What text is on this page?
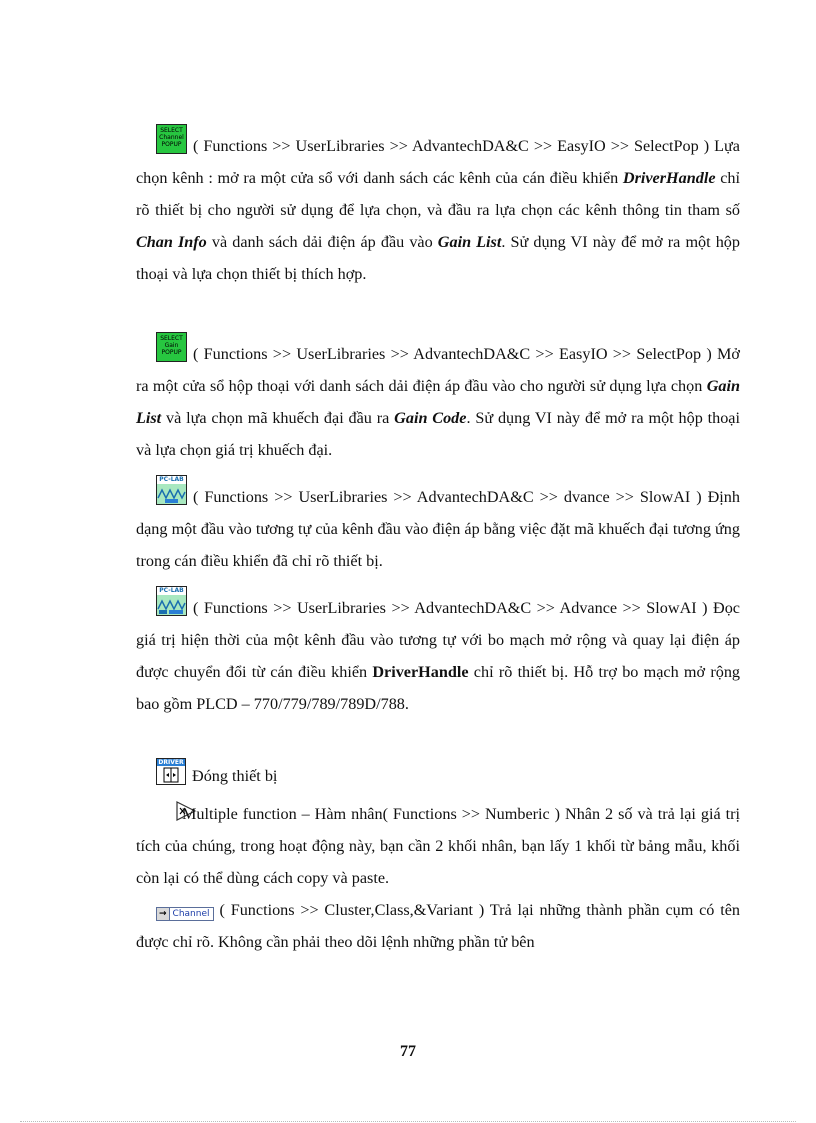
SELECT Channel POPUP ( Functions >> UserLibraries >> AdvantechDA&C >> EasyIO >> SelectPop ) Lựa chọn kênh : mở ra một cửa sổ với danh sách các kênh của cán điều khiển DriverHandle chỉ rõ thiết bị cho người sử dụng để lựa chọn, và đầu ra lựa chọn các kênh thông tin tham số Chan Info và danh sách dải điện áp đầu vào Gain List. Sử dụng VI này để mở ra một hộp thoại và lựa chọn thiết bị thích hợp.

SELECT Gain POPUP ( Functions >> UserLibraries >> AdvantechDA&C >> EasyIO >> SelectPop ) Mở ra một cửa sổ hộp thoại với danh sách dải điện áp đầu vào cho người sử dụng lựa chọn Gain List và lựa chọn mã khuếch đại đầu ra Gain Code. Sử dụng VI này để mở ra một hộp thoại và lựa chọn giá trị khuếch đại.

PC-LAB
( Functions >> UserLibraries >> AdvantechDA&C >> dvance >> SlowAI ) Định dạng một đầu vào tương tự của kênh đầu vào điện áp bằng việc đặt mã khuếch đại tương ứng trong cán điều khiển đã chỉ rõ thiết bị.

PC-LAB
( Functions >> UserLibraries >> AdvantechDA&C >> Advance >> SlowAI ) Đọc giá trị hiện thời của một kênh đầu vào tương tự với bo mạch mở rộng và quay lại điện áp được chuyển đổi từ cán điều khiển DriverHandle chỉ rõ thiết bị. Hỗ trợ bo mạch mở rộng bao gồm PLCD – 770/779/789/789D/788.

DRIVER
Đóng thiết bị

Multiple function – Hàm nhân( Functions >> Numberic ) Nhân 2 số và trả lại giá trị tích của chúng, trong hoạt động này, bạn cần 2 khối nhân, bạn lấy 1 khối từ bảng mẫu, khối còn lại có thể dùng cách copy và paste.

→ Channel ( Functions >> Cluster,Class,&Variant ) Trả lại những thành phần cụm có tên được chỉ rõ. Không cần phải theo dõi lệnh những phần tử bên

77
